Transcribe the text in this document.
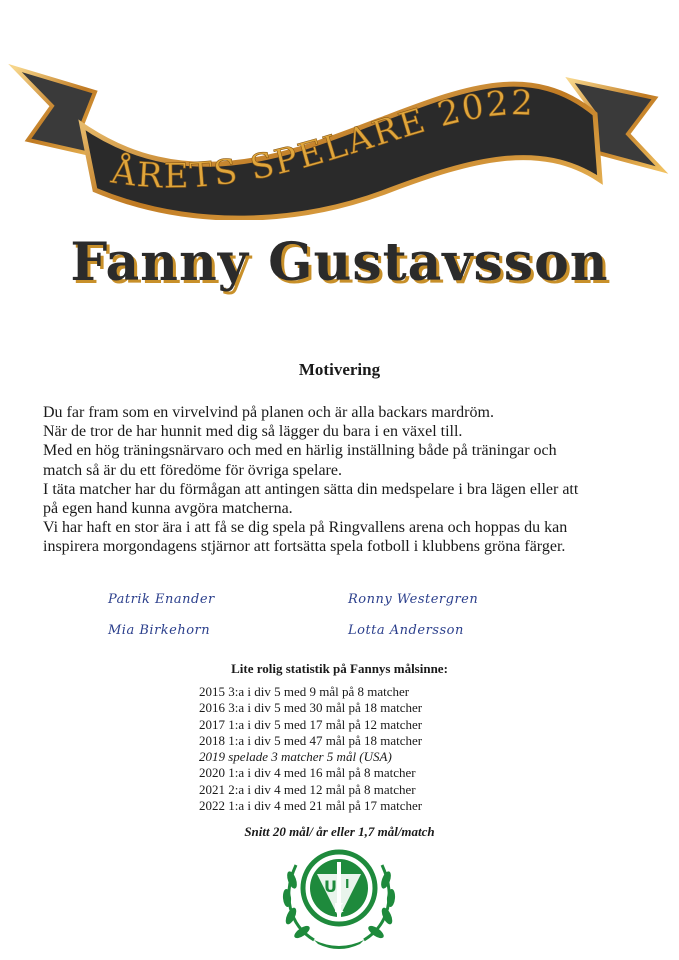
ÅRETS SPELARE 2022
Fanny Gustavsson
Motivering
Du far fram som en virvelvind på planen och är alla backars mardröm.
När de tror de har hunnit med dig så lägger du bara i en växel till.
Med en hög träningsnärvaro och med en härlig inställning både på träningar och
match så är du ett föredöme för övriga spelare.
I täta matcher har du förmågan att antingen sätta din medspelare i bra lägen eller att
på egen hand kunna avgöra matcherna.
Vi har haft en stor ära i att få se dig spela på Ringvallens arena och hoppas du kan
inspirera morgondagens stjärnor att fortsätta spela fotboll i klubbens gröna färger.
Patrik Enander	Ronny Westergren
Mia Birkehorn	Lotta Andersson
Lite rolig statistik på Fannys målsinne:
2015 3:a i div 5 med 9 mål på 8 matcher
2016 3:a i div 5 med 30 mål på 18 matcher
2017 1:a i div 5 med 17 mål på 12 matcher
2018 1:a i div 5 med 47 mål på 18 matcher
2019 spelade 3 matcher 5 mål (USA)
2020 1:a i div 4 med 16 mål på 8 matcher
2021 2:a i div 4 med 12 mål på 8 matcher
2022 1:a i div 4 med 21 mål på 17 matcher
Snitt 20 mål/ år eller 1,7 mål/match
U I
K
